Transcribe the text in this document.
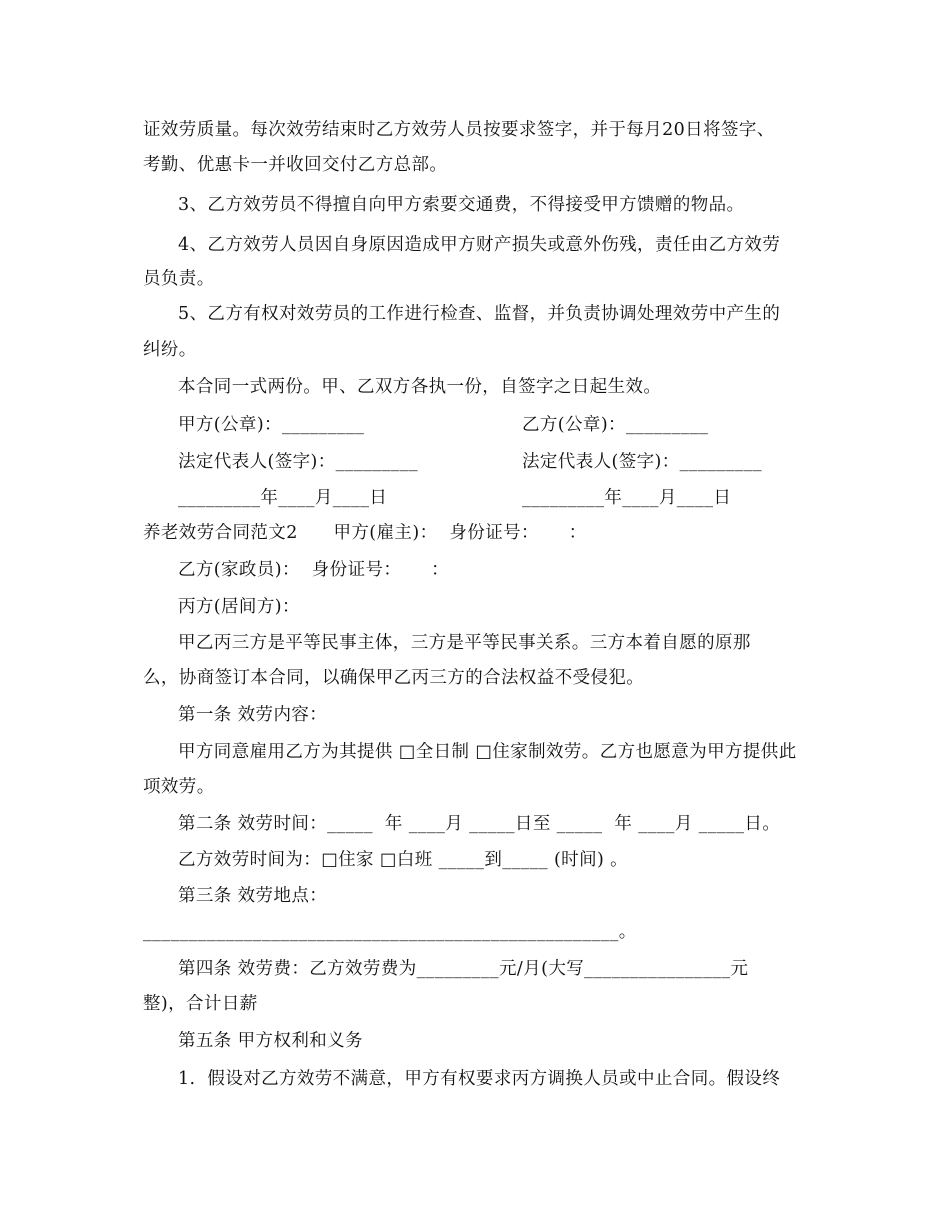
证效劳质量。每次效劳结束时乙方效劳人员按要求签字，并于每月20日将签字、
考勤、优惠卡一并收回交付乙方总部。
3、乙方效劳员不得擅自向甲方索要交通费，不得接受甲方馈赠的物品。
4、乙方效劳人员因自身原因造成甲方财产损失或意外伤残，责任由乙方效劳
员负责。
5、乙方有权对效劳员的工作进行检查、监督，并负责协调处理效劳中产生的
纠纷。
本合同一式两份。甲、乙双方各执一份，自签字之日起生效。
甲方(公章)：_________	乙方(公章)：_________
法定代表人(签字)：_________	法定代表人(签字)：_________
_________年____月____日	_________年____月____日
养老效劳合同范文2      甲方(雇主)：  身份证号：     ：
乙方(家政员)：  身份证号：     ：
丙方(居间方)：
甲乙丙三方是平等民事主体，三方是平等民事关系。三方本着自愿的原那
么，协商签订本合同，以确保甲乙丙三方的合法权益不受侵犯。
第一条 效劳内容：
甲方同意雇用乙方为其提供 □全日制 □住家制效劳。乙方也愿意为甲方提供此
项效劳。
第二条 效劳时间：_____  年 ____月 _____日至 _____  年 ____月 _____日。
乙方效劳时间为：□住家 □白班 _____到_____ (时间) 。
第三条 效劳地点：
____________________________________________________。
第四条 效劳费：乙方效劳费为_________元/月(大写________________元
整)，合计日薪
第五条 甲方权利和义务
1.  假设对乙方效劳不满意，甲方有权要求丙方调换人员或中止合同。假设终
